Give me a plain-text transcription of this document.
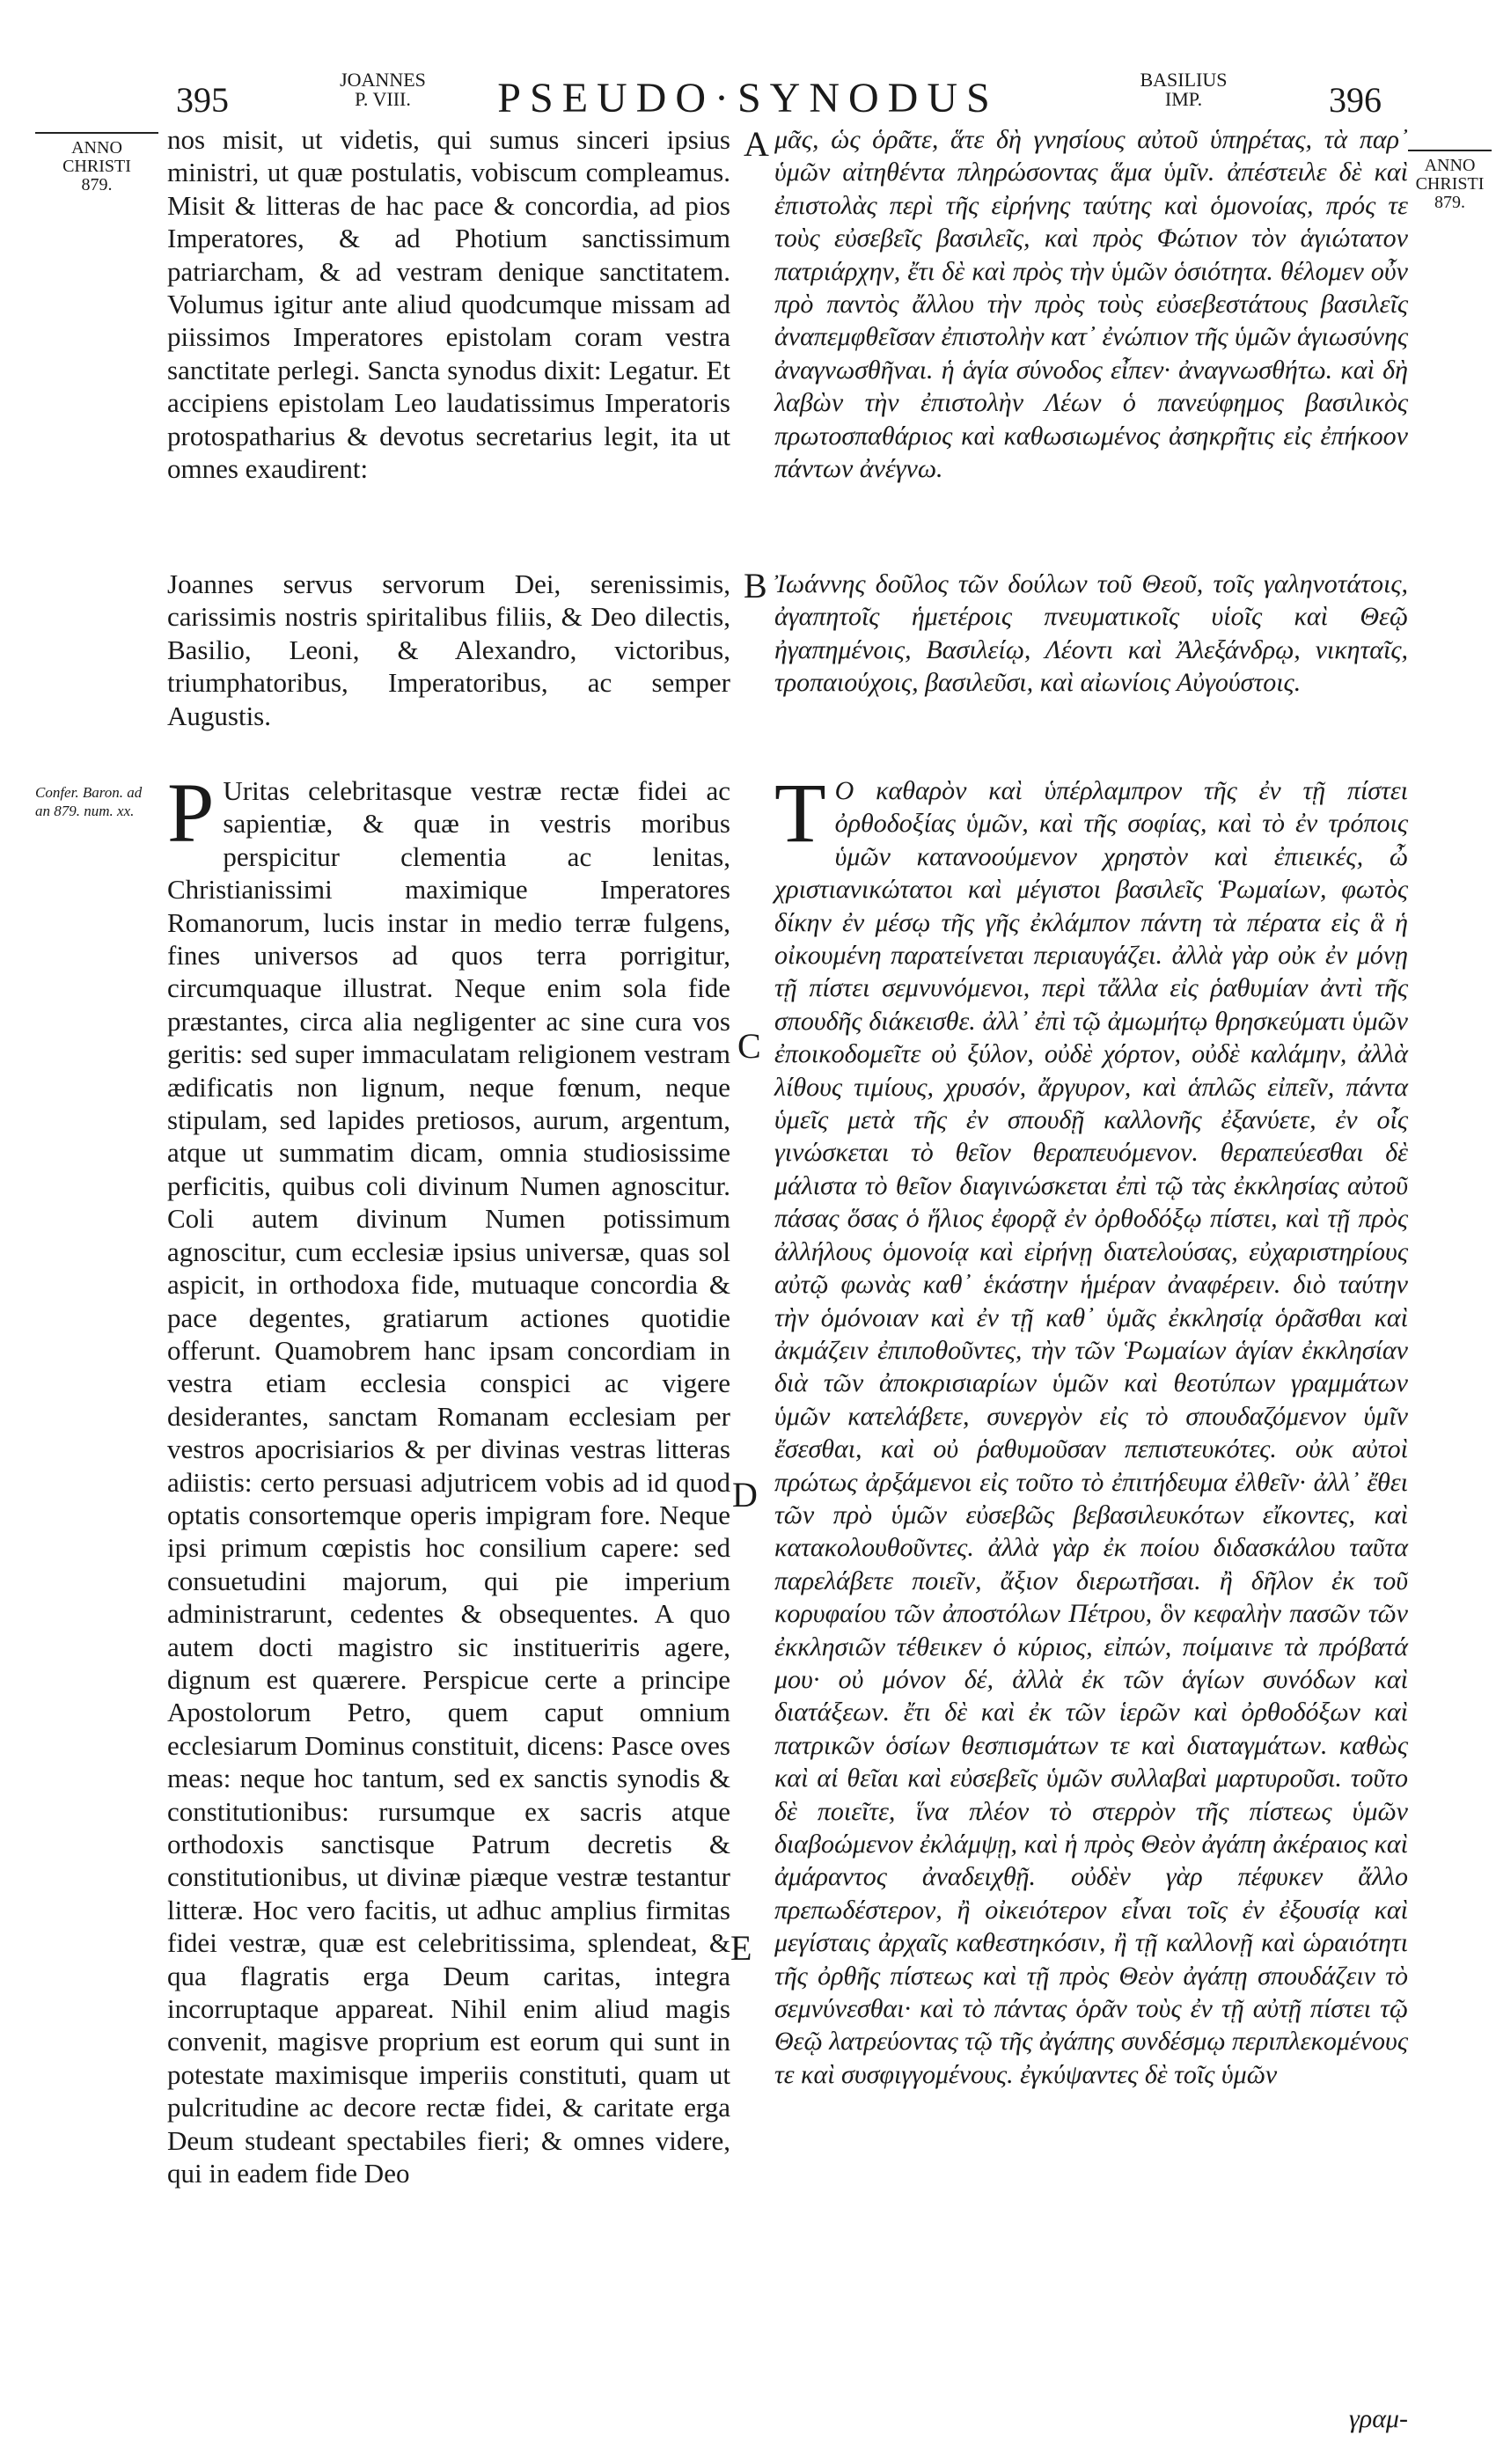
395
JOANNES
P. VIII.	PSEUDO·SYNODUS	BASILIUS
IMP.	396
ANNO
CHRISTI
879.
ANNO
CHRISTI
879.
Confer. Baron. ad an 879. num. xx.
A
B
C
D
E

nos misit, ut videtis, qui sumus sinceri ipsius ministri, ut quæ postulatis, vobiscum compleamus. Misit & litteras de hac pace & concordia, ad pios Imperatores, & ad Photium sanctissimum patriarcham, & ad vestram denique sanctitatem. Volumus igitur ante aliud quodcumque missam ad piissimos Imperatores epistolam coram vestra sanctitate perlegi. Sancta synodus dixit: Legatur. Et accipiens epistolam Leo laudatissimus Imperatoris protospatharius & devotus secretarius legit, ita ut omnes exaudirent:

Joannes servus servorum Dei, serenissimis, carissimis nostris spiritalibus filiis, & Deo dilectis, Basilio, Leoni, & Alexandro, victoribus, triumphatoribus, Imperatoribus, ac semper Augustis.

P Uritas celebritasque vestræ rectæ fidei ac sapientiæ, & quæ in vestris moribus perspicitur clementia ac lenitas, Christianissimi maximique Imperatores Romanorum, lucis instar in medio terræ fulgens, fines universos ad quos terra porrigitur, circumquaque illustrat. Neque enim sola fide præstantes, circa alia negligenter ac sine cura vos geritis: sed super immaculatam religionem vestram ædificatis non lignum, neque fœnum, neque stipulam, sed lapides pretiosos, aurum, argentum, atque ut summatim dicam, omnia studiosissime perficitis, quibus coli divinum Numen agnoscitur. Coli autem divinum Numen potissimum agnoscitur, cum ecclesiæ ipsius universæ, quas sol aspicit, in orthodoxa fide, mutuaque concordia & pace degentes, gratiarum actiones quotidie offerunt. Quamobrem hanc ipsam concordiam in vestra etiam ecclesia conspici ac vigere desiderantes, sanctam Romanam ecclesiam per vestros apocrisiarios & per divinas vestras litteras adiistis: certo persuasi adjutricem vobis ad id quod optatis consortemque operis impigram fore. Neque ipsi primum cœpistis hoc consilium capere: sed consuetudini majorum, qui pie imperium administrarunt, cedentes & obsequentes. A quo autem docti magistro sic instituerітis agere, dignum est quærere. Perspicue certe a principe Apostolorum Petro, quem caput omnium ecclesiarum Dominus constituit, dicens: Pasce oves meas: neque hoc tantum, sed ex sanctis synodis & constitutionibus: rursumque ex sacris atque orthodoxis sanctisque Patrum decretis & constitutionibus, ut divinæ piæque vestræ testantur litteræ. Hoc vero facitis, ut adhuc amplius firmitas fidei vestræ, quæ est celebritissima, splendeat, & qua flagratis erga Deum caritas, integra incorruptaque appareat. Nihil enim aliud magis convenit, magisve proprium est eorum qui sunt in potestate maximisque imperiis constituti, quam ut pulcritudine ac decore rectæ fidei, & caritate erga Deum studeant spectabiles fieri; & omnes videre, qui in eadem fide Deo

μᾶς, ὡς ὁρᾶτε, ἅτε δὴ γνησίους αὐτοῦ ὑπηρέτας, τὰ παρ᾽ ὑμῶν αἰτηθέντα πληρώσοντας ἅμα ὑμῖν. ἀπέστειλε δὲ καὶ ἐπιστολὰς περὶ τῆς εἰρήνης ταύτης καὶ ὁμονοίας, πρός τε τοὺς εὐσεβεῖς βασιλεῖς, καὶ πρὸς Φώτιον τὸν ἁγιώτατον πατριάρχην, ἔτι δὲ καὶ πρὸς τὴν ὑμῶν ὁσιότητα. θέλομεν οὖν πρὸ παντὸς ἄλλου τὴν πρὸς τοὺς εὐσεβεστάτους βασιλεῖς ἀναπεμφθεῖσαν ἐπιστολὴν κατ᾽ ἐνώπιον τῆς ὑμῶν ἁγιωσύνης ἀναγνωσθῆναι. ἡ ἁγία σύνοδος εἶπεν· ἀναγνωσθήτω. καὶ δὴ λαβὼν τὴν ἐπιστολὴν Λέων ὁ πανεύφημος βασιλικὸς πρωτοσπαθάριος καὶ καθωσιωμένος ἀσηκρῆτις εἰς ἐπήκοον πάντων ἀνέγνω.

Ἰωάννης δοῦλος τῶν δούλων τοῦ Θεοῦ, τοῖς γαληνοτάτοις, ἀγαπητοῖς ἡμετέροις πνευματικοῖς υἱοῖς καὶ Θεῷ ἠγαπημένοις, Βασιλείῳ, Λέοντι καὶ Ἀλεξάνδρῳ, νικηταῖς, τροπαιούχοις, βασιλεῦσι, καὶ αἰωνίοις Αὐγούστοις.

Τ Ο καθαρὸν καὶ ὑπέρλαμπρον τῆς ἐν τῇ πίστει ὀρθοδοξίας ὑμῶν, καὶ τῆς σοφίας, καὶ τὸ ἐν τρόποις ὑμῶν κατανοούμενον χρηστὸν καὶ ἐπιεικές, ὦ χριστιανικώτατοι καὶ μέγιστοι βασιλεῖς Ῥωμαίων, φωτὸς δίκην ἐν μέσῳ τῆς γῆς ἐκλάμπον πάντη τὰ πέρατα εἰς ἃ ἡ οἰκουμένη παρατείνεται περιαυγάζει. ἀλλὰ γὰρ οὐκ ἐν μόνῃ τῇ πίστει σεμνυνόμενοι, περὶ τἄλλα εἰς ῥαθυμίαν ἀντὶ τῆς σπουδῆς διάκεισθε. ἀλλ᾽ ἐπὶ τῷ ἀμωμήτῳ θρησκεύματι ὑμῶν ἐποικοδομεῖτε οὐ ξύλον, οὐδὲ χόρτον, οὐδὲ καλάμην, ἀλλὰ λίθους τιμίους, χρυσόν, ἄργυρον, καὶ ἁπλῶς εἰπεῖν, πάντα ὑμεῖς μετὰ τῆς ἐν σπουδῇ καλλονῆς ἐξανύετε, ἐν οἷς γινώσκεται τὸ θεῖον θεραπευόμενον. θεραπεύεσθαι δὲ μάλιστα τὸ θεῖον διαγινώσκεται ἐπὶ τῷ τὰς ἐκκλησίας αὐτοῦ πάσας ὅσας ὁ ἥλιος ἐφορᾷ ἐν ὀρθοδόξῳ πίστει, καὶ τῇ πρὸς ἀλλήλους ὁμονοίᾳ καὶ εἰρήνῃ διατελούσας, εὐχαριστηρίους αὐτῷ φωνὰς καθ᾽ ἑκάστην ἡμέραν ἀναφέρειν. διὸ ταύτην τὴν ὁμόνοιαν καὶ ἐν τῇ καθ᾽ ὑμᾶς ἐκκλησίᾳ ὁρᾶσθαι καὶ ἀκμάζειν ἐπιποθοῦντες, τὴν τῶν Ῥωμαίων ἁγίαν ἐκκλησίαν διὰ τῶν ἀποκρισιαρίων ὑμῶν καὶ θεοτύπων γραμμάτων ὑμῶν κατελάβετε, συνεργὸν εἰς τὸ σπουδαζόμενον ὑμῖν ἔσεσθαι, καὶ οὐ ῥαθυμοῦσαν πεπιστευκότες. οὐκ αὐτοὶ πρώτως ἀρξάμενοι εἰς τοῦτο τὸ ἐπιτήδευμα ἐλθεῖν· ἀλλ᾽ ἔθει τῶν πρὸ ὑμῶν εὐσεβῶς βεβασιλευκότων εἴκοντες, καὶ κατακολουθοῦντες. ἀλλὰ γὰρ ἐκ ποίου διδασκάλου ταῦτα παρελάβετε ποιεῖν, ἄξιον διερωτῆσαι. ἢ δῆλον ἐκ τοῦ κορυφαίου τῶν ἀποστόλων Πέτρου, ὃν κεφαλὴν πασῶν τῶν ἐκκλησιῶν τέθεικεν ὁ κύριος, εἰπών, ποίμαινε τὰ πρόβατά μου· οὐ μόνον δέ, ἀλλὰ ἐκ τῶν ἁγίων συνόδων καὶ διατάξεων. ἔτι δὲ καὶ ἐκ τῶν ἱερῶν καὶ ὀρθοδόξων καὶ πατρικῶν ὁσίων θεσπισμάτων τε καὶ διαταγμάτων. καθὼς καὶ αἱ θεῖαι καὶ εὐσεβεῖς ὑμῶν συλλαβαὶ μαρτυροῦσι. τοῦτο δὲ ποιεῖτε, ἵνα πλέον τὸ στερρὸν τῆς πίστεως ὑμῶν διαβοώμενον ἐκλάμψῃ, καὶ ἡ πρὸς Θεὸν ἀγάπη ἀκέραιος καὶ ἀμάραντος ἀναδειχθῇ. οὐδὲν γὰρ πέφυκεν ἄλλο πρεπωδέστερον, ἢ οἰκειότερον εἶναι τοῖς ἐν ἐξουσίᾳ καὶ μεγίσταις ἀρχαῖς καθεστηκόσιν, ἢ τῇ καλλονῇ καὶ ὡραιότητι τῆς ὀρθῆς πίστεως καὶ τῇ πρὸς Θεὸν ἀγάπῃ σπουδάζειν τὸ σεμνύνεσθαι· καὶ τὸ πάντας ὁρᾶν τοὺς ἐν τῇ αὐτῇ πίστει τῷ Θεῷ λατρεύοντας τῷ τῆς ἀγάπης συνδέσμῳ περιπλεκομένους τε καὶ συσφιγγομένους. ἐγκύψαντες δὲ τοῖς ὑμῶν

γραμ-
